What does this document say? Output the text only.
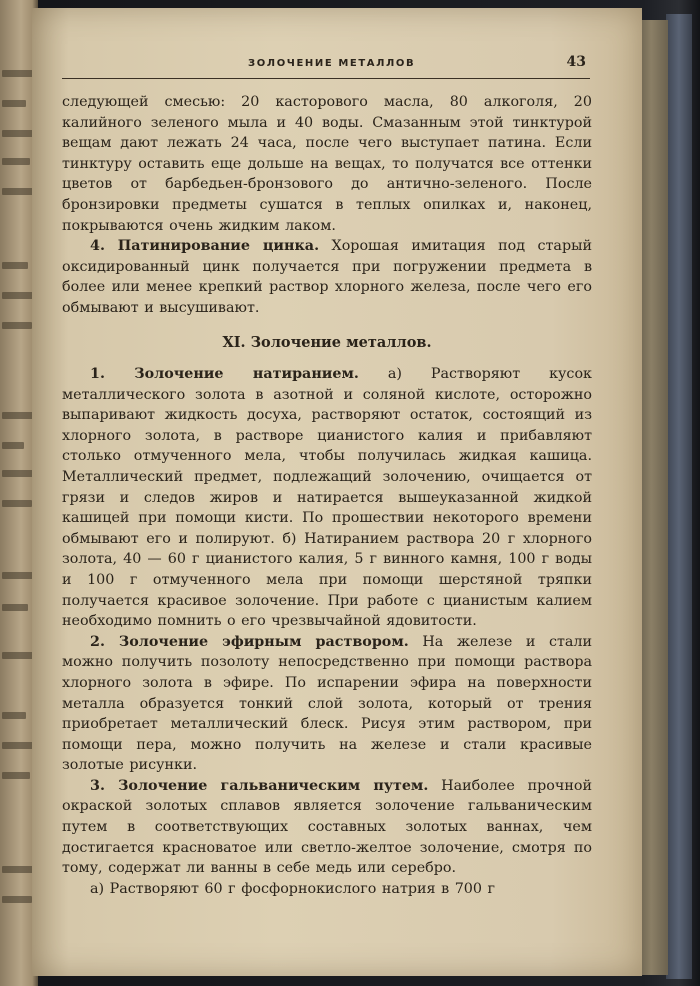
ЗОЛОЧЕНИЕ МЕТАЛЛОВ	43

следующей смесью: 20 касторового масла, 80 алкоголя, 20 калийного зеленого мыла и 40 воды. Смазанным этой тинктурой вещам дают лежать 24 часа, после чего выступает патина. Если тинктуру оставить еще дольше на вещах, то получатся все оттенки цветов от барбедьен-бронзового до антично-зеленого. После бронзировки предметы сушатся в теплых опилках и, наконец, покрываются очень жидким лаком.

4. Патинирование цинка. Хорошая имитация под старый оксидированный цинк получается при погружении предмета в более или менее крепкий раствор хлорного железа, после чего его обмывают и высушивают.

XI. Золочение металлов.

1. Золочение натиранием. а) Растворяют кусок металлического золота в азотной и соляной кислоте, осторожно выпаривают жидкость досуха, растворяют остаток, состоящий из хлорного золота, в растворе цианистого калия и прибавляют столько отмученного мела, чтобы получилась жидкая кашица. Металлический предмет, подлежащий золочению, очищается от грязи и следов жиров и натирается вышеуказанной жидкой кашицей при помощи кисти. По прошествии некоторого времени обмывают его и полируют. б) Натиранием раствора 20 г хлорного золота, 40 — 60 г цианистого калия, 5 г винного камня, 100 г воды и 100 г отмученного мела при помощи шерстяной тряпки получается красивое золочение. При работе с цианистым калием необходимо помнить о его чрезвычайной ядовитости.

2. Золочение эфирным раствором. На железе и стали можно получить позолоту непосредственно при помощи раствора хлорного золота в эфире. По испарении эфира на поверхности металла образуется тонкий слой золота, который от трения приобретает металлический блеск. Рисуя этим раствором, при помощи пера, можно получить на железе и стали красивые золотые рисунки.

3. Золочение гальваническим путем. Наиболее прочной окраской золотых сплавов является золочение гальваническим путем в соответствующих составных золотых ваннах, чем достигается красноватое или светло-желтое золочение, смотря по тому, содержат ли ванны в себе медь или серебро.

а) Растворяют 60 г фосфорнокислого натрия в 700 г
